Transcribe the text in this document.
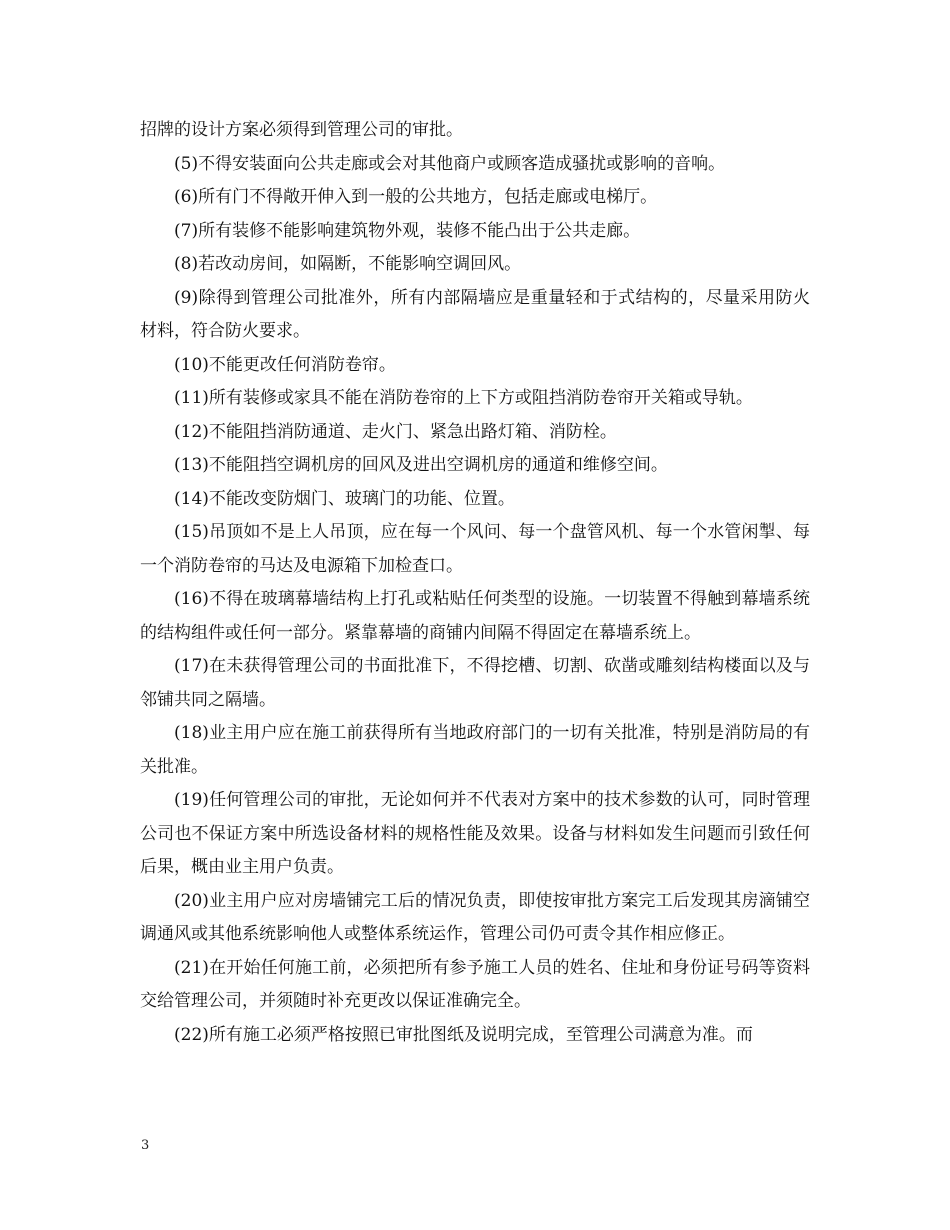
招牌的设计方案必须得到管理公司的审批。

(5)不得安装面向公共走廊或会对其他商户或顾客造成骚扰或影响的音响。

(6)所有门不得敞开伸入到一般的公共地方，包括走廊或电梯厅。

(7)所有装修不能影响建筑物外观，装修不能凸出于公共走廊。

(8)若改动房间，如隔断，不能影响空调回风。

(9)除得到管理公司批准外，所有内部隔墙应是重量轻和于式结构的，尽量采用防火材料，符合防火要求。

(10)不能更改任何消防卷帘。

(11)所有装修或家具不能在消防卷帘的上下方或阻挡消防卷帘开关箱或导轨。

(12)不能阻挡消防通道、走火门、紧急出路灯箱、消防栓。

(13)不能阻挡空调机房的回风及进出空调机房的通道和维修空间。

(14)不能改变防烟门、玻璃门的功能、位置。

(15)吊顶如不是上人吊顶，应在每一个风问、每一个盘管风机、每一个水管闲掣、每一个消防卷帘的马达及电源箱下加检查口。

(16)不得在玻璃幕墙结构上打孔或粘贴任何类型的设施。一切装置不得触到幕墙系统的结构组件或任何一部分。紧靠幕墙的商铺内间隔不得固定在幕墙系统上。

(17)在未获得管理公司的书面批准下，不得挖槽、切割、砍凿或雕刻结构楼面以及与邻铺共同之隔墙。

(18)业主用户应在施工前获得所有当地政府部门的一切有关批准，特别是消防局的有关批准。

(19)任何管理公司的审批，无论如何并不代表对方案中的技术参数的认可，同时管理公司也不保证方案中所选设备材料的规格性能及效果。设备与材料如发生问题而引致任何后果，概由业主用户负责。

(20)业主用户应对房墙铺完工后的情况负责，即使按审批方案完工后发现其房滴铺空调通风或其他系统影响他人或整体系统运作，管理公司仍可责令其作相应修正。

(21)在开始任何施工前，必须把所有参予施工人员的姓名、住址和身份证号码等资料交给管理公司，并须随时补充更改以保证准确完全。

(22)所有施工必须严格按照已审批图纸及说明完成，至管理公司满意为准。而

3
